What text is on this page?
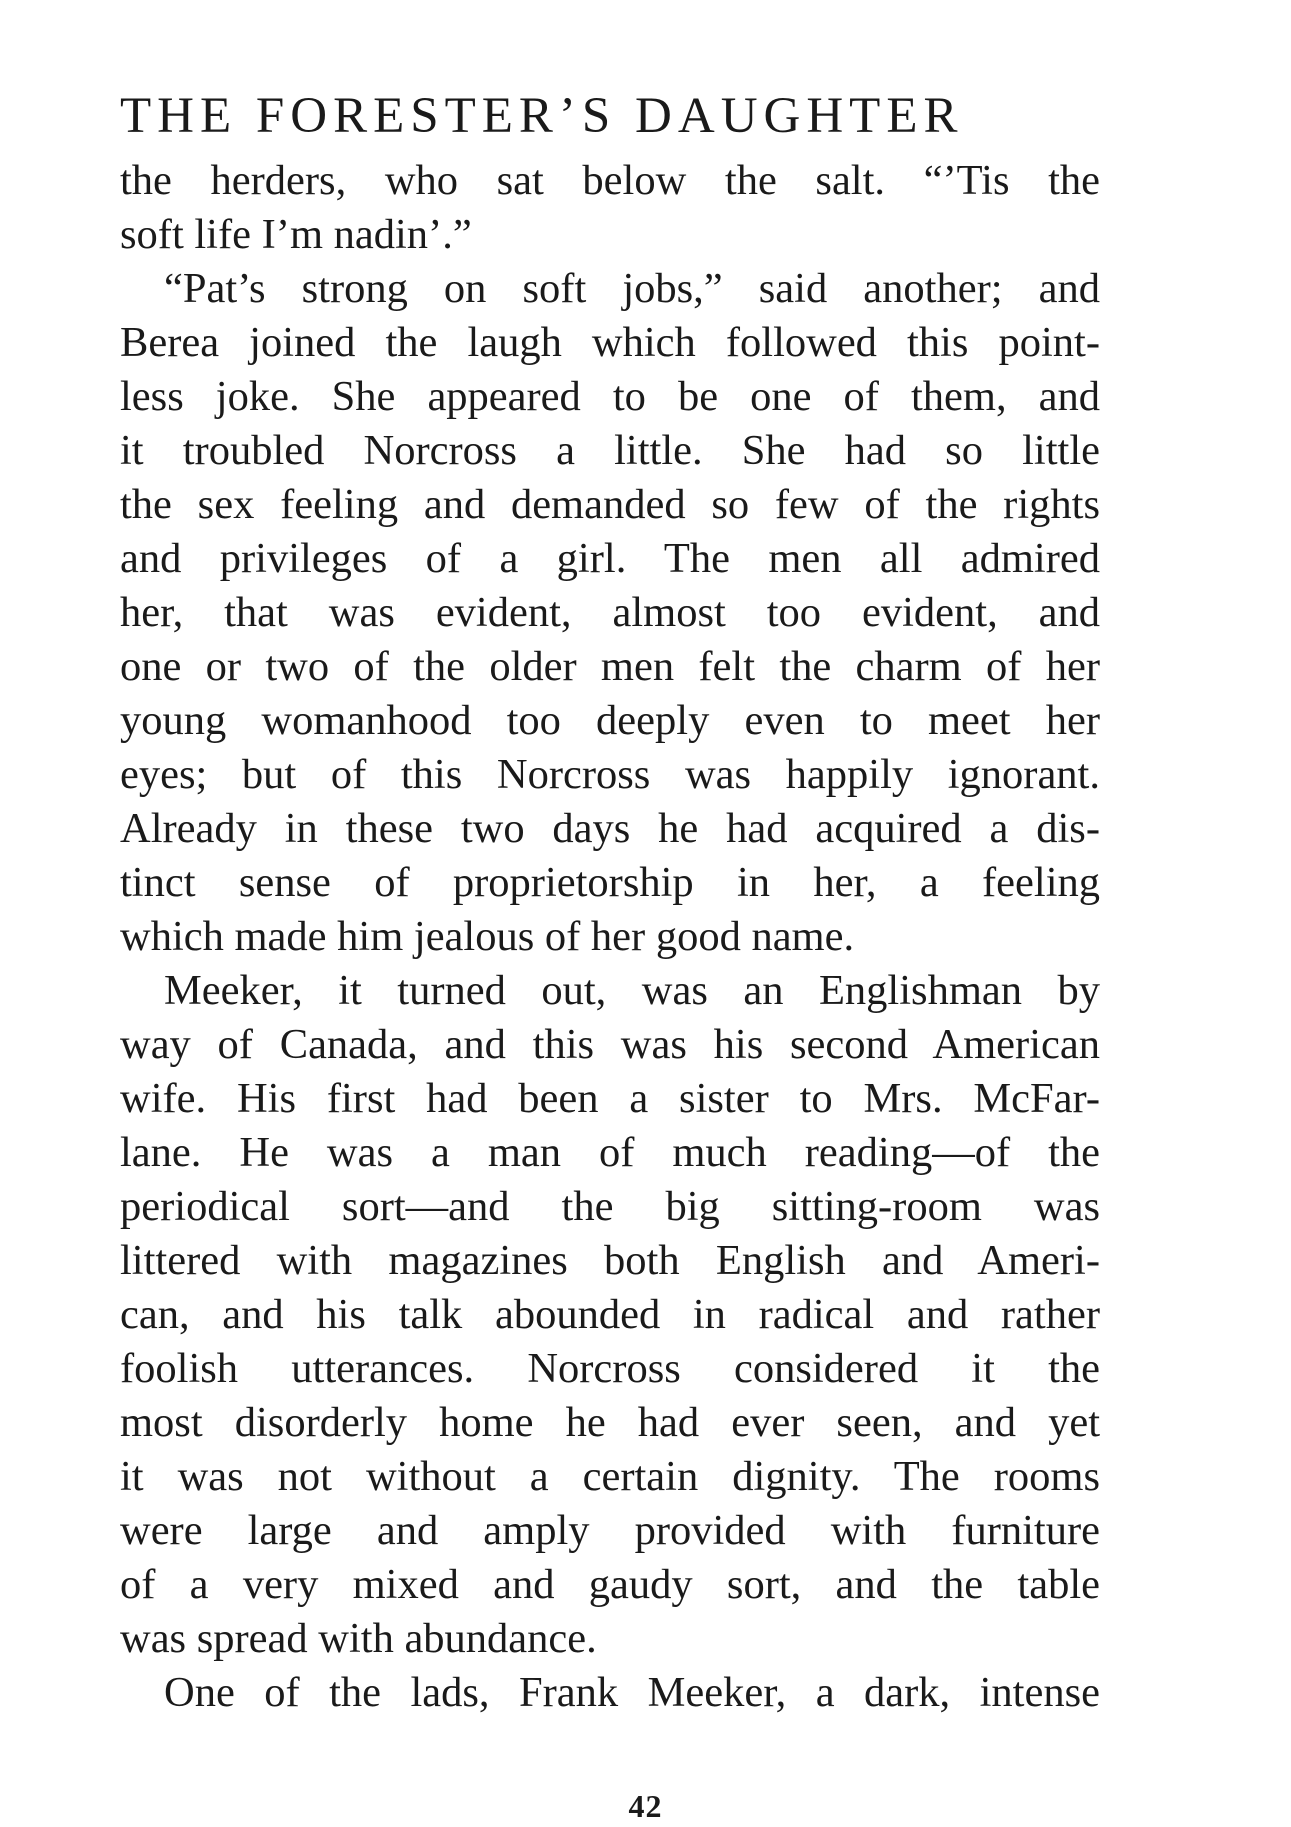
THE FORESTER’S DAUGHTER
the herders, who sat below the salt. “’Tis the
soft life I’m nadin’.”
“Pat’s strong on soft jobs,” said another; and
Berea joined the laugh which followed this point-
less joke. She appeared to be one of them, and
it troubled Norcross a little. She had so little
the sex feeling and demanded so few of the rights
and privileges of a girl. The men all admired
her, that was evident, almost too evident, and
one or two of the older men felt the charm of her
young womanhood too deeply even to meet her
eyes; but of this Norcross was happily ignorant.
Already in these two days he had acquired a dis-
tinct sense of proprietorship in her, a feeling
which made him jealous of her good name.
Meeker, it turned out, was an Englishman by
way of Canada, and this was his second American
wife. His first had been a sister to Mrs. McFar-
lane. He was a man of much reading—of the
periodical sort—and the big sitting-room was
littered with magazines both English and Ameri-
can, and his talk abounded in radical and rather
foolish utterances. Norcross considered it the
most disorderly home he had ever seen, and yet
it was not without a certain dignity. The rooms
were large and amply provided with furniture
of a very mixed and gaudy sort, and the table
was spread with abundance.
One of the lads, Frank Meeker, a dark, intense
42
